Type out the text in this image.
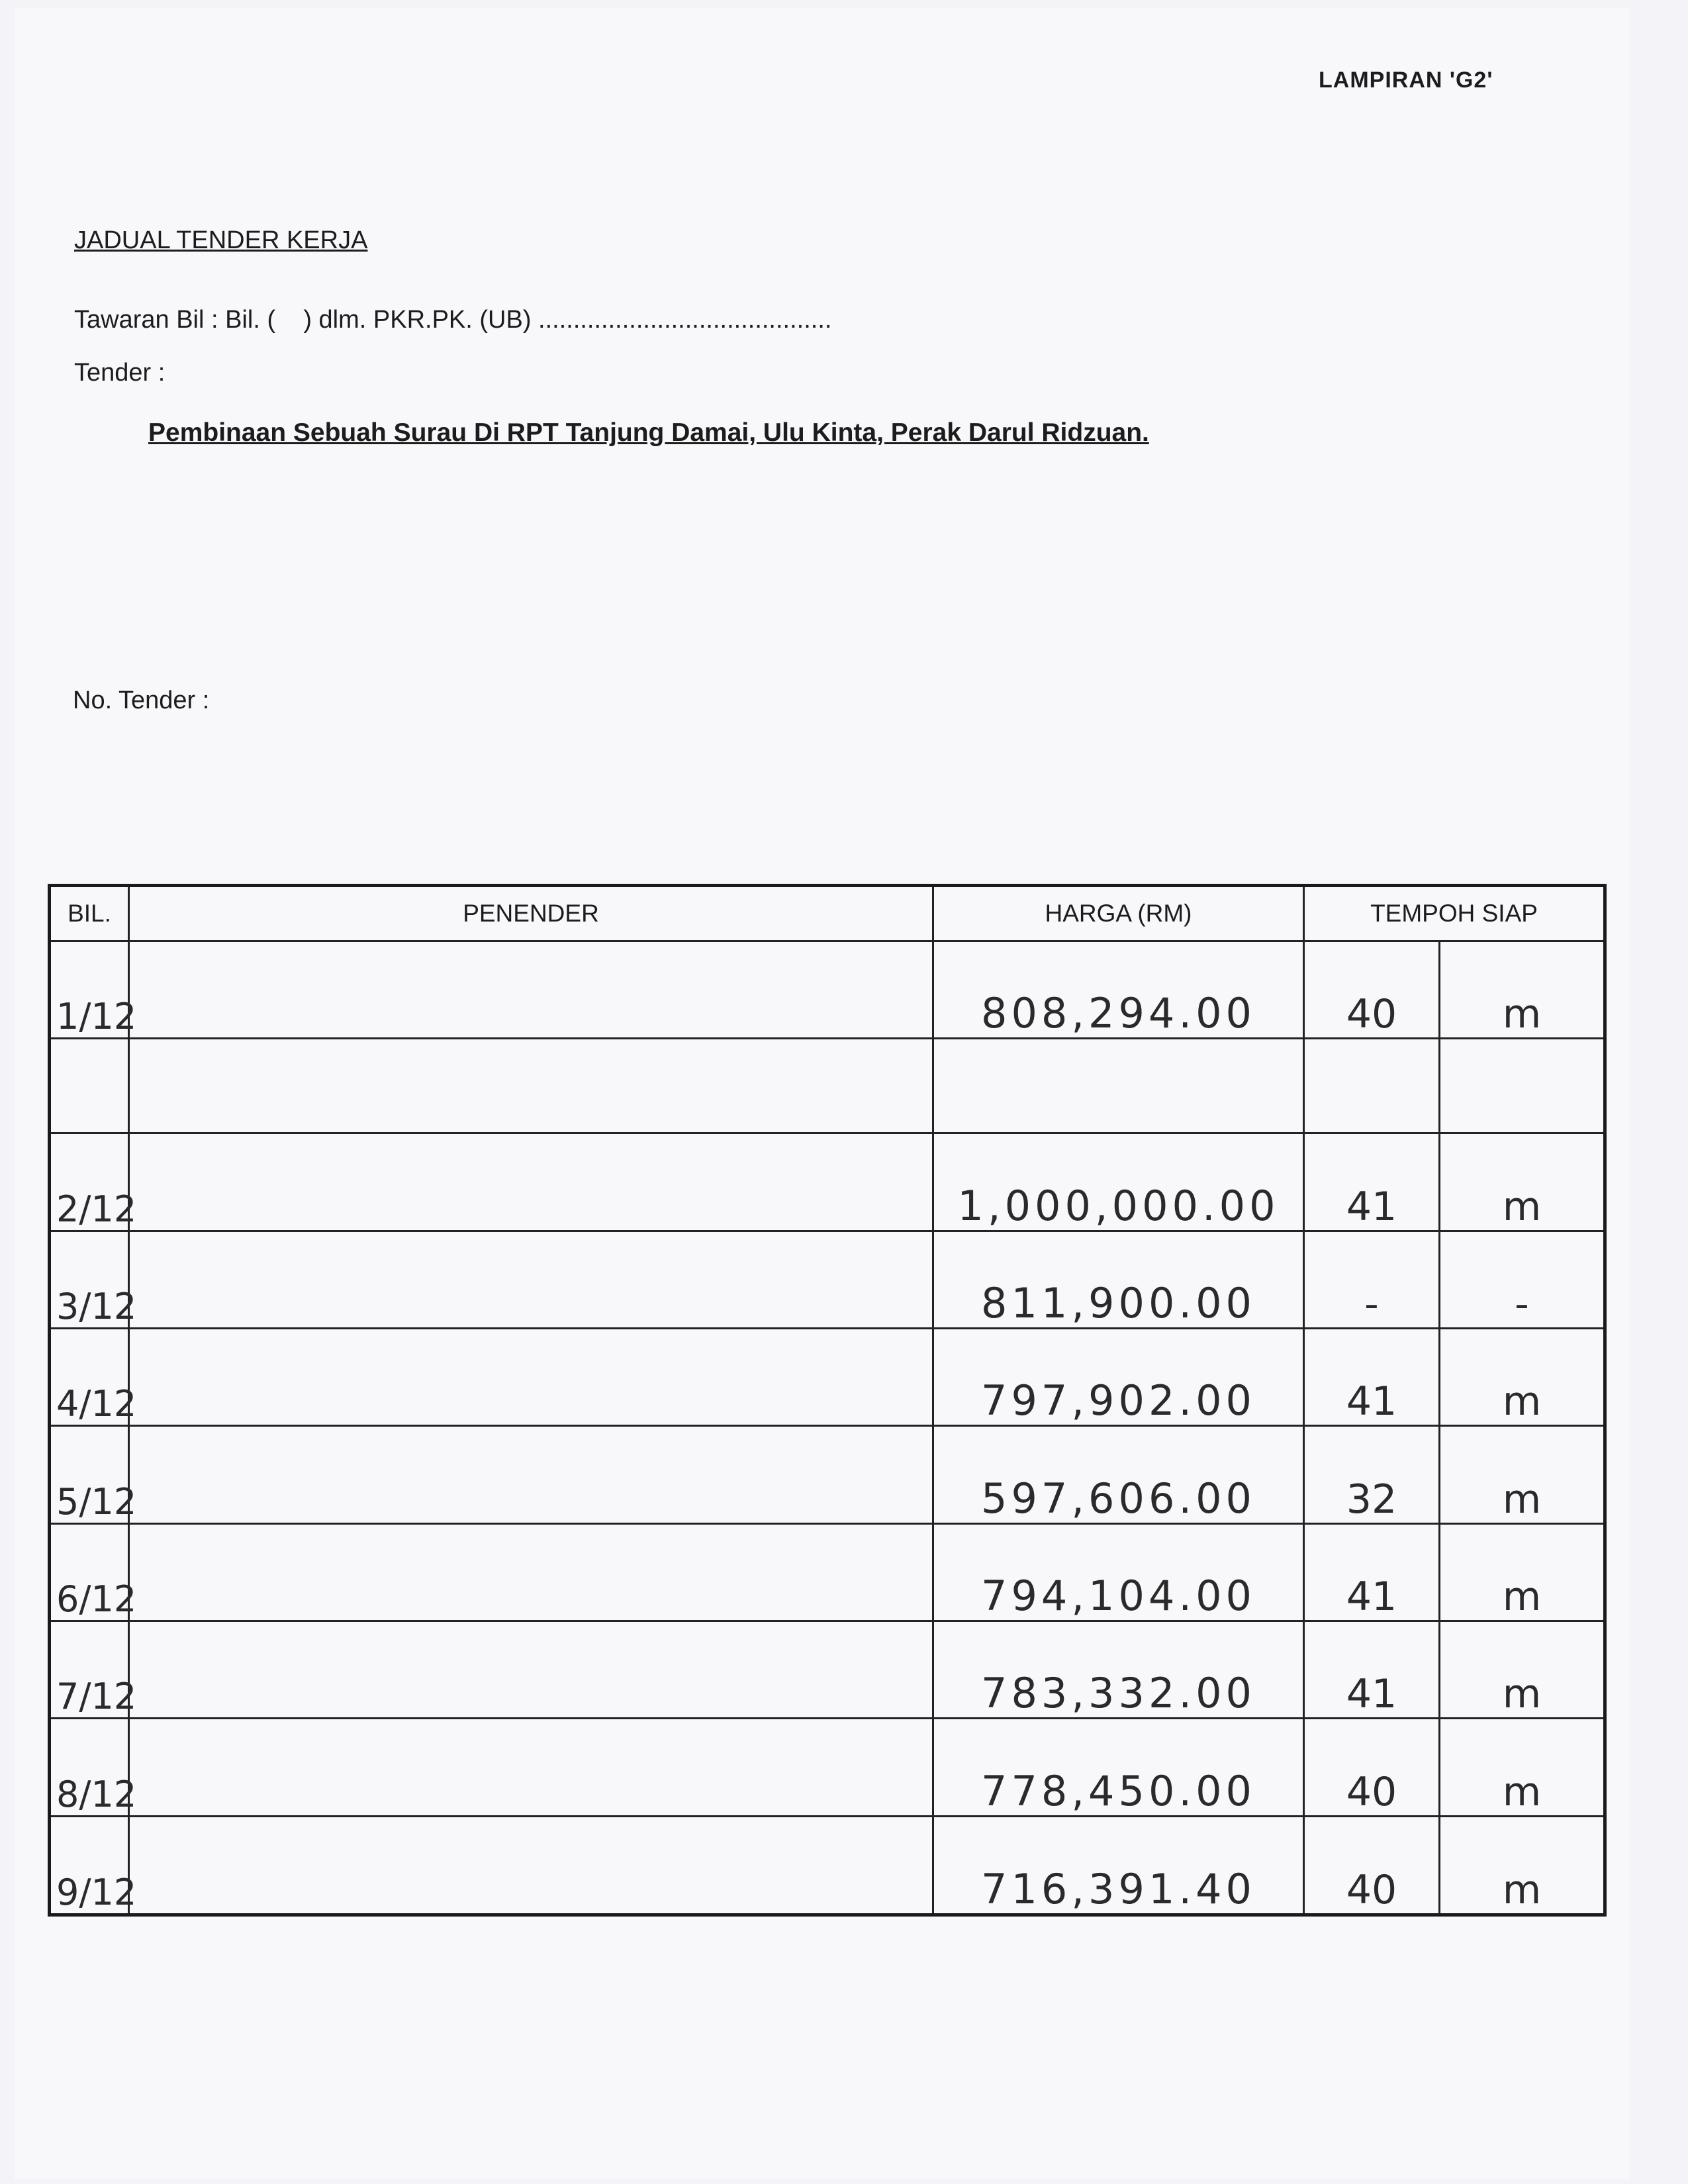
LAMPIRAN 'G2'
JADUAL TENDER KERJA
Tawaran Bil : Bil. (    ) dlm. PKR.PK. (UB) ..........................................
Tender :
Pembinaan Sebuah Surau Di RPT Tanjung Damai, Ulu Kinta, Perak Darul Ridzuan.
No. Tender :
BIL.	PENENDER	HARGA (RM)	TEMPOH SIAP	
1/12		808,294.00	40	m

2/12		1,000,000.00	41	m
3/12		811,900.00	-	-
4/12		797,902.00	41	m
5/12		597,606.00	32	m
6/12		794,104.00	41	m
7/12		783,332.00	41	m
8/12		778,450.00	40	m
9/12		716,391.40	40	m
